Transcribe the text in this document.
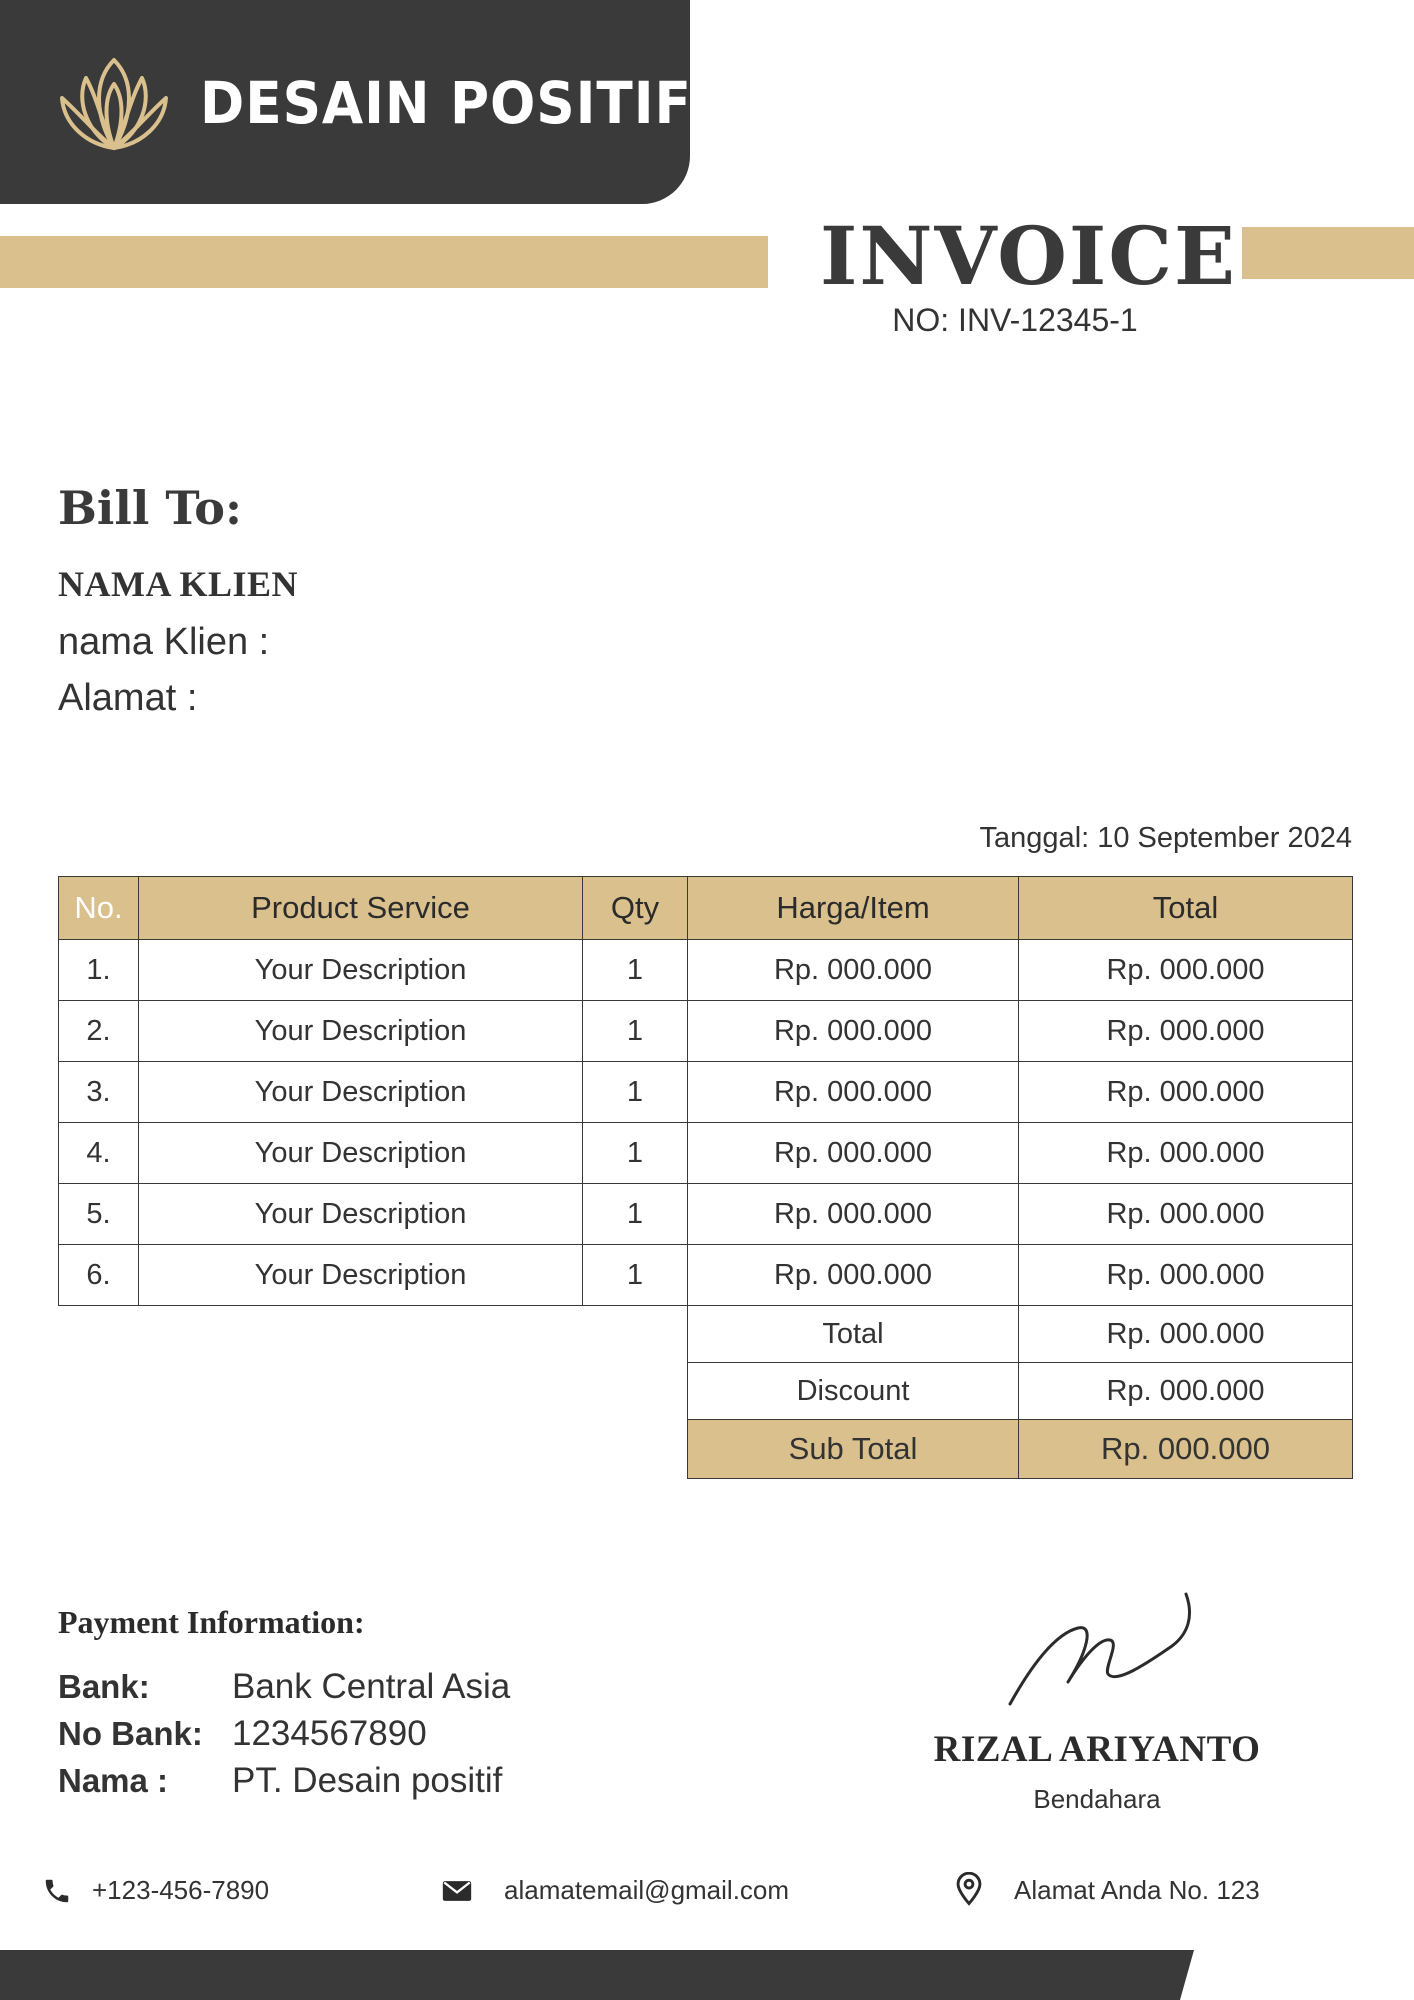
DESAIN POSITIF
INVOICE
NO: INV-12345-1
Bill To:
NAMA KLIEN
nama Klien :
Alamat :
Tanggal: 10 September 2024
No.	Product Service	Qty	Harga/Item	Total
1.	Your Description	1	Rp. 000.000	Rp. 000.000
2.	Your Description	1	Rp. 000.000	Rp. 000.000
3.	Your Description	1	Rp. 000.000	Rp. 000.000
4.	Your Description	1	Rp. 000.000	Rp. 000.000
5.	Your Description	1	Rp. 000.000	Rp. 000.000
6.	Your Description	1	Rp. 000.000	Rp. 000.000
			Total	Rp. 000.000
			Discount	Rp. 000.000
			Sub Total	Rp. 000.000
Payment Information:
Bank: Bank Central Asia
No Bank: 1234567890
Nama : PT. Desain positif
RIZAL ARIYANTO
Bendahara
+123-456-7890	alamatemail@gmail.com	Alamat Anda No. 123
